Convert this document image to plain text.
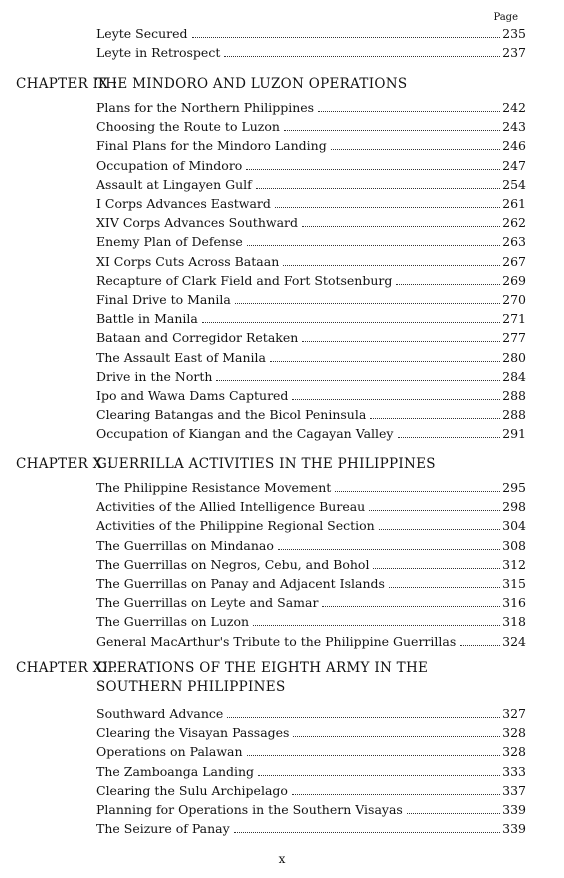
Page
Leyte Secured	235
Leyte in Retrospect	237
CHAPTER IX :THE MINDORO AND LUZON OPERATIONS
Plans for the Northern Philippines	242
Choosing the Route to Luzon	243
Final Plans for the Mindoro Landing	246
Occupation of Mindoro	247
Assault at Lingayen Gulf	254
I Corps Advances Eastward	261
XIV Corps Advances Southward	262
Enemy Plan of Defense	263
XI Corps Cuts Across Bataan	267
Recapture of Clark Field and Fort Stotsenburg	269
Final Drive to Manila	270
Battle in Manila	271
Bataan and Corregidor Retaken	277
The Assault East of Manila	280
Drive in the North	284
Ipo and Wawa Dams Captured	288
Clearing Batangas and the Bicol Peninsula	288
Occupation of Kiangan and the Cagayan Valley	291
CHAPTER X :GUERRILLA ACTIVITIES IN THE PHILIPPINES
The Philippine Resistance Movement	295
Activities of the Allied Intelligence Bureau	298
Activities of the Philippine Regional Section	304
The Guerrillas on Mindanao	308
The Guerrillas on Negros, Cebu, and Bohol	312
The Guerrillas on Panay and Adjacent Islands	315
The Guerrillas on Leyte and Samar	316
The Guerrillas on Luzon	318
General MacArthur's Tribute to the Philippine Guerrillas	324
CHAPTER XI :OPERATIONS OF THE EIGHTH ARMY IN THE
SOUTHERN PHILIPPINES
Southward Advance	327
Clearing the Visayan Passages	328
Operations on Palawan	328
The Zamboanga Landing	333
Clearing the Sulu Archipelago	337
Planning for Operations in the Southern Visayas	339
The Seizure of Panay	339
x
